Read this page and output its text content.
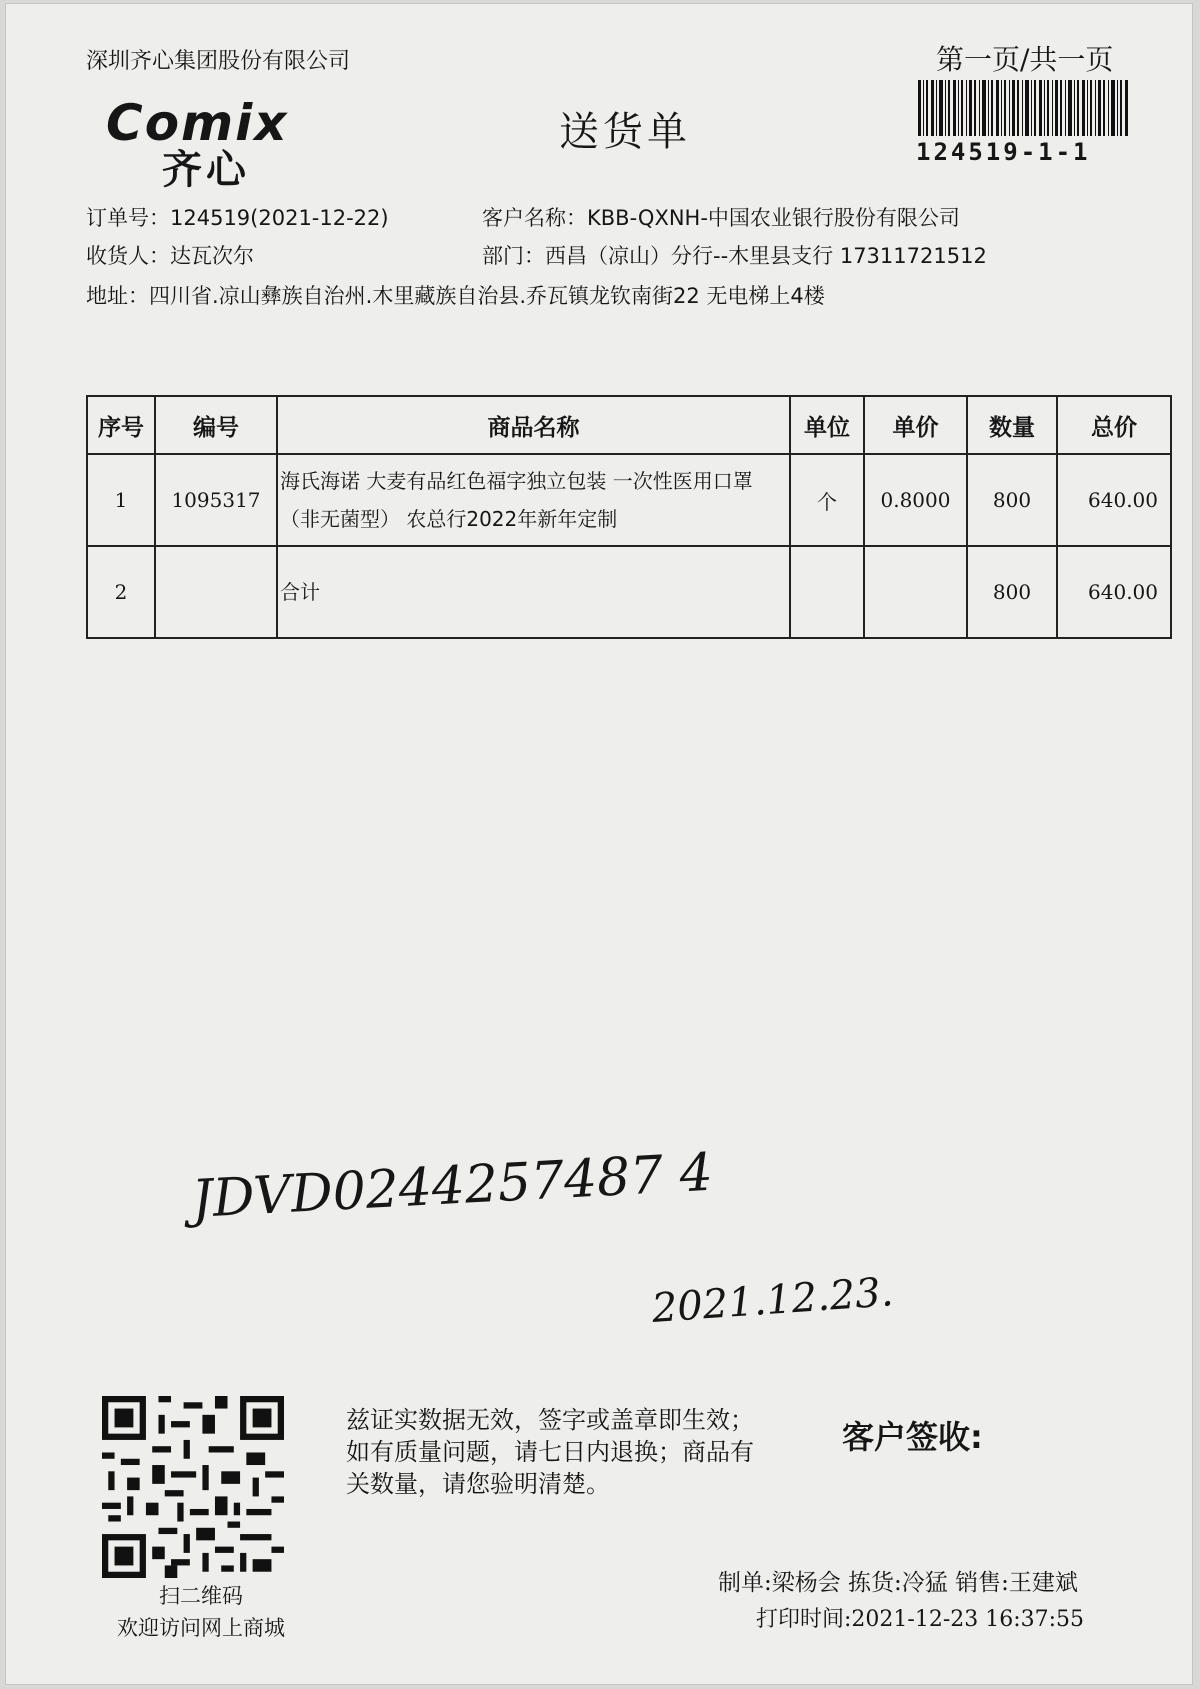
深圳齐心集团股份有限公司	第一页/共一页
Comix
齐心
送货单	124519-1-1
订单号：124519(2021-12-22)	客户名称：KBB-QXNH-中国农业银行股份有限公司
收货人：达瓦次尔	部门：西昌（凉山）分行--木里县支行 17311721512
地址：四川省.凉山彝族自治州.木里藏族自治县.乔瓦镇龙钦南街22 无电梯上4楼
序号	编号	商品名称	单位	单价	数量	总价
1	1095317	海氏海诺 大麦有品红色福字独立包装 一次性医用口罩（非无菌型） 农总行2022年新年定制	个	0.8000	800	640.00
2		合计			800	640.00
JDVD0244257487 4
2021.12.23.
扫二维码
欢迎访问网上商城
兹证实数据无效，签字或盖章即生效；如有质量问题，请七日内退换；商品有关数量，请您验明清楚。
客户签收:
制单:梁杨会 拣货:冷猛 销售:王建斌
打印时间:2021-12-23 16:37:55
